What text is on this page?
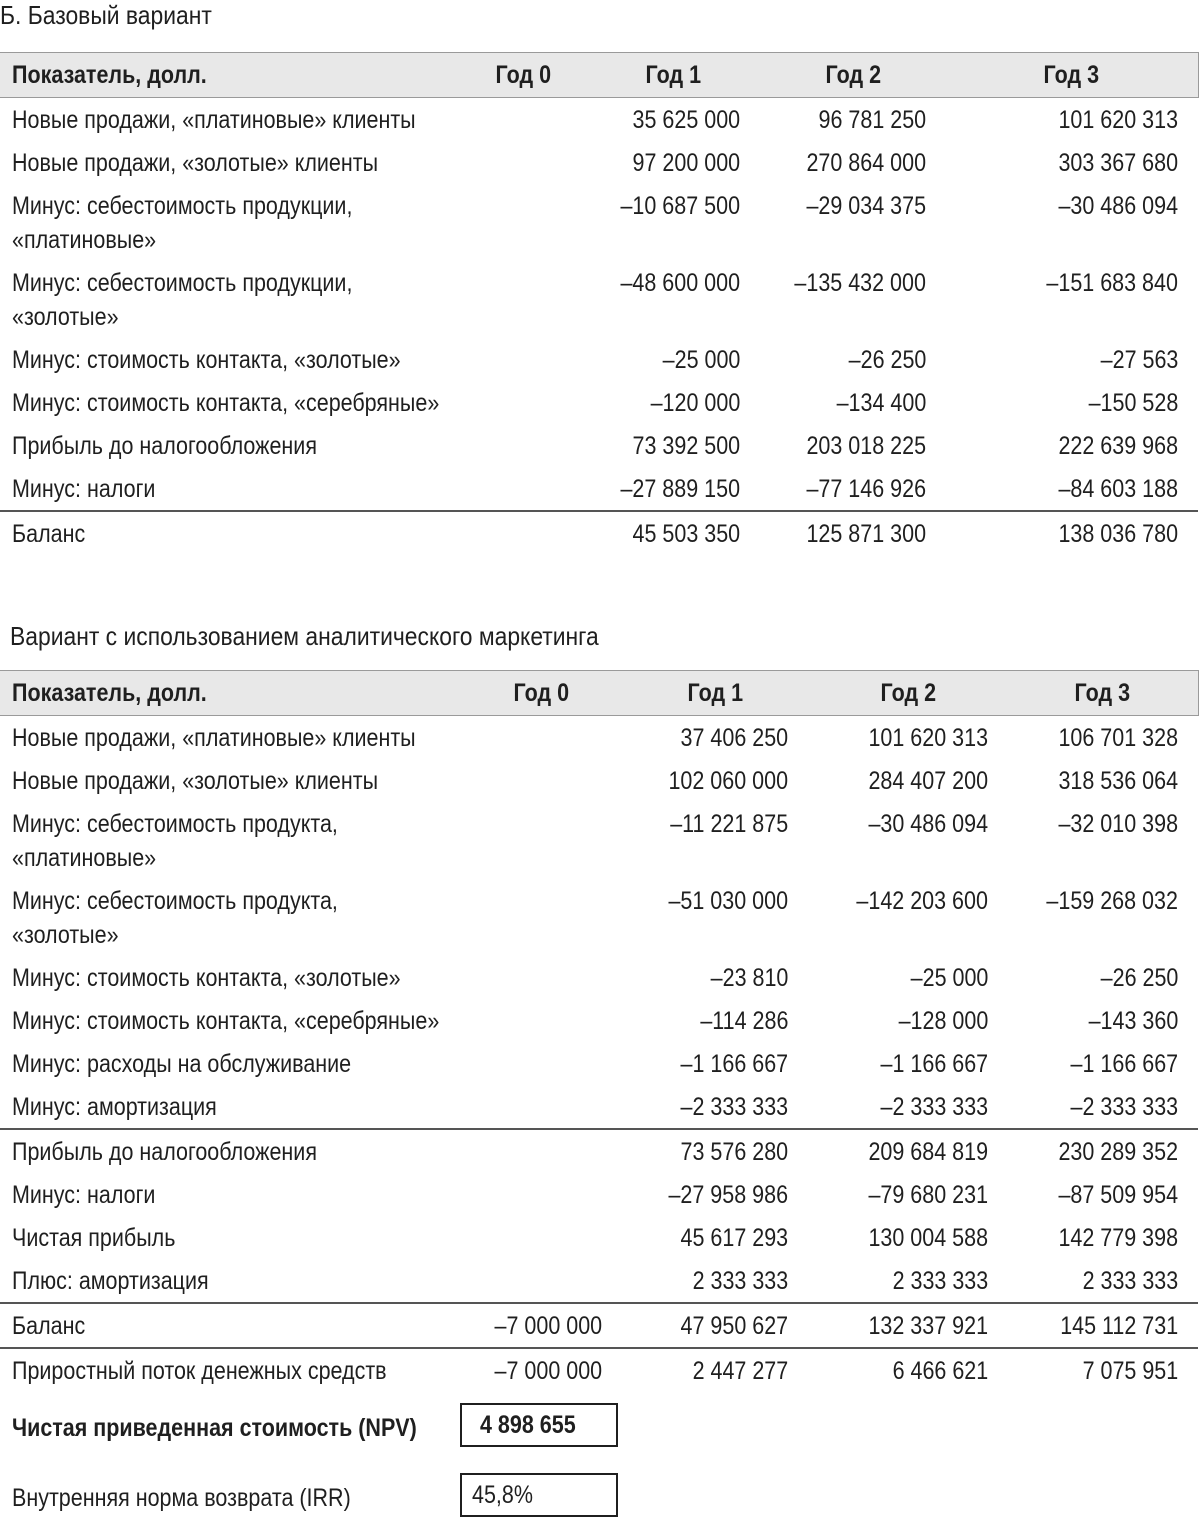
Б. Базовый вариант
Показатель, долл.	Год 0	Год 1	Год 2	Год 3
Новые продажи, «платиновые» клиенты		35 625 000	96 781 250	101 620 313
Новые продажи, «золотые» клиенты		97 200 000	270 864 000	303 367 680
Минус: себестоимость продукции, «платиновые»		–10 687 500	–29 034 375	–30 486 094
Минус: себестоимость продукции, «золотые»		–48 600 000	–135 432 000	–151 683 840
Минус: стоимость контакта, «золотые»		–25 000	–26 250	–27 563
Минус: стоимость контакта, «серебряные»		–120 000	–134 400	–150 528
Прибыль до налогообложения		73 392 500	203 018 225	222 639 968
Минус: налоги		–27 889 150	–77 146 926	–84 603 188
Баланс		45 503 350	125 871 300	138 036 780
Вариант с использованием аналитического маркетинга
Показатель, долл.	Год 0	Год 1	Год 2	Год 3
Новые продажи, «платиновые» клиенты		37 406 250	101 620 313	106 701 328
Новые продажи, «золотые» клиенты		102 060 000	284 407 200	318 536 064
Минус: себестоимость продукта, «платиновые»		–11 221 875	–30 486 094	–32 010 398
Минус: себестоимость продукта, «золотые»		–51 030 000	–142 203 600	–159 268 032
Минус: стоимость контакта, «золотые»		–23 810	–25 000	–26 250
Минус: стоимость контакта, «серебряные»		–114 286	–128 000	–143 360
Минус: расходы на обслуживание		–1 166 667	–1 166 667	–1 166 667
Минус: амортизация		–2 333 333	–2 333 333	–2 333 333
Прибыль до налогообложения		73 576 280	209 684 819	230 289 352
Минус: налоги		–27 958 986	–79 680 231	–87 509 954
Чистая прибыль		45 617 293	130 004 588	142 779 398
Плюс: амортизация		2 333 333	2 333 333	2 333 333
Баланс	–7 000 000	47 950 627	132 337 921	145 112 731
Приростный поток денежных средств	–7 000 000	2 447 277	6 466 621	7 075 951
Чистая приведенная стоимость (NPV)	4 898 655
Внутренняя норма возврата (IRR)	45,8%
